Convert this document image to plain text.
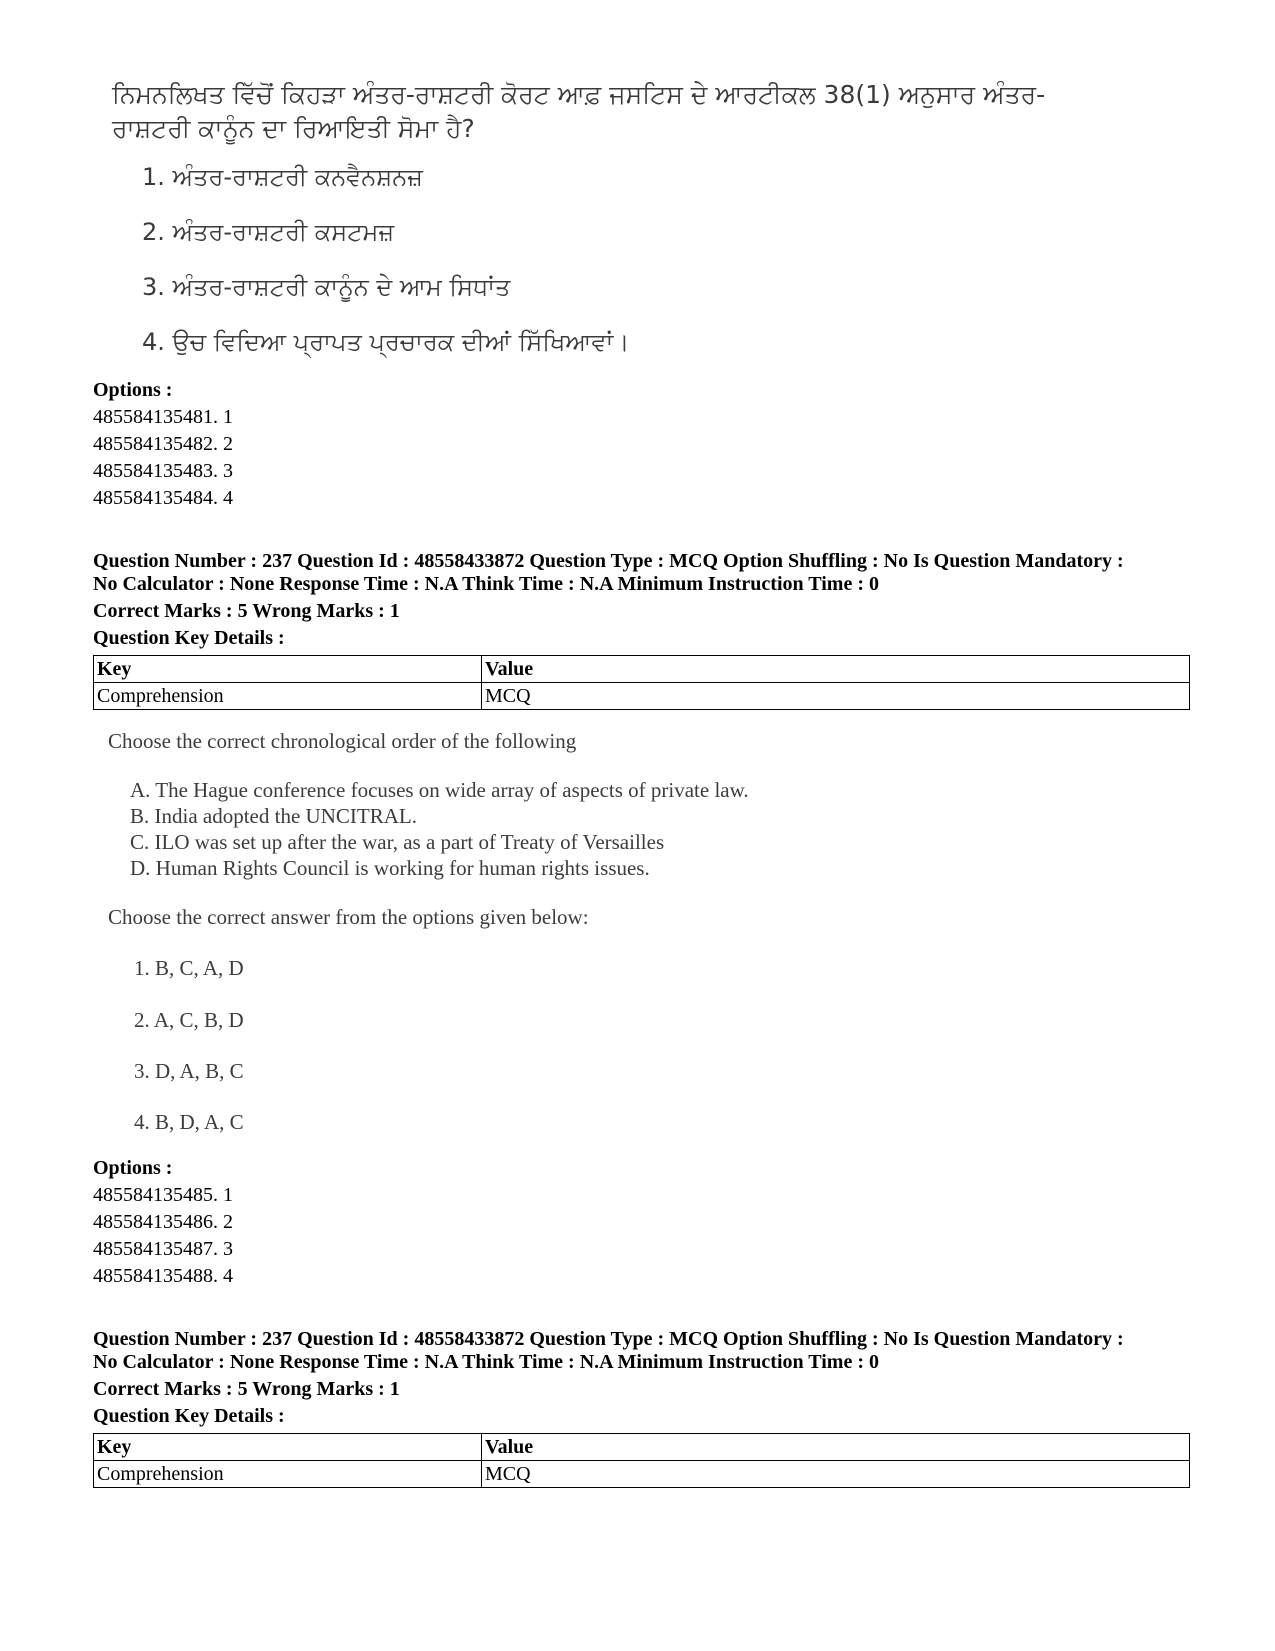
ਨਿਮਨਲਿਖਤ ਵਿੱਚੋਂ ਕਿਹੜਾ ਅੰਤਰ-ਰਾਸ਼ਟਰੀ ਕੋਰਟ ਆਫ਼ ਜਸਟਿਸ ਦੇ ਆਰਟੀਕਲ 38(1) ਅਨੁਸਾਰ ਅੰਤਰ-ਰਾਸ਼ਟਰੀ ਕਾਨੂੰਨ ਦਾ ਰਿਆਇਤੀ ਸੋਮਾ ਹੈ?
1. ਅੰਤਰ-ਰਾਸ਼ਟਰੀ ਕਨਵੈਨਸ਼ਨਜ਼
2. ਅੰਤਰ-ਰਾਸ਼ਟਰੀ ਕਸਟਮਜ਼
3. ਅੰਤਰ-ਰਾਸ਼ਟਰੀ ਕਾਨੂੰਨ ਦੇ ਆਮ ਸਿਧਾਂਤ
4. ਉਚ ਵਿਦਿਆ ਪ੍ਰਾਪਤ ਪ੍ਰਚਾਰਕ ਦੀਆਂ ਸਿੱਖਿਆਵਾਂ।
Options :
485584135481. 1
485584135482. 2
485584135483. 3
485584135484. 4
Question Number : 237 Question Id : 48558433872 Question Type : MCQ Option Shuffling : No Is Question Mandatory :
No Calculator : None Response Time : N.A Think Time : N.A Minimum Instruction Time : 0
Correct Marks : 5 Wrong Marks : 1
Question Key Details :
Key	Value
Comprehension	MCQ
Choose the correct chronological order of the following
A. The Hague conference focuses on wide array of aspects of private law.
B. India adopted the UNCITRAL.
C. ILO was set up after the war, as a part of Treaty of Versailles
D. Human Rights Council is working for human rights issues.
Choose the correct answer from the options given below:
1. B, C, A, D
2. A, C, B, D
3. D, A, B, C
4. B, D, A, C
Options :
485584135485. 1
485584135486. 2
485584135487. 3
485584135488. 4
Question Number : 237 Question Id : 48558433872 Question Type : MCQ Option Shuffling : No Is Question Mandatory :
No Calculator : None Response Time : N.A Think Time : N.A Minimum Instruction Time : 0
Correct Marks : 5 Wrong Marks : 1
Question Key Details :
Key	Value
Comprehension	MCQ
